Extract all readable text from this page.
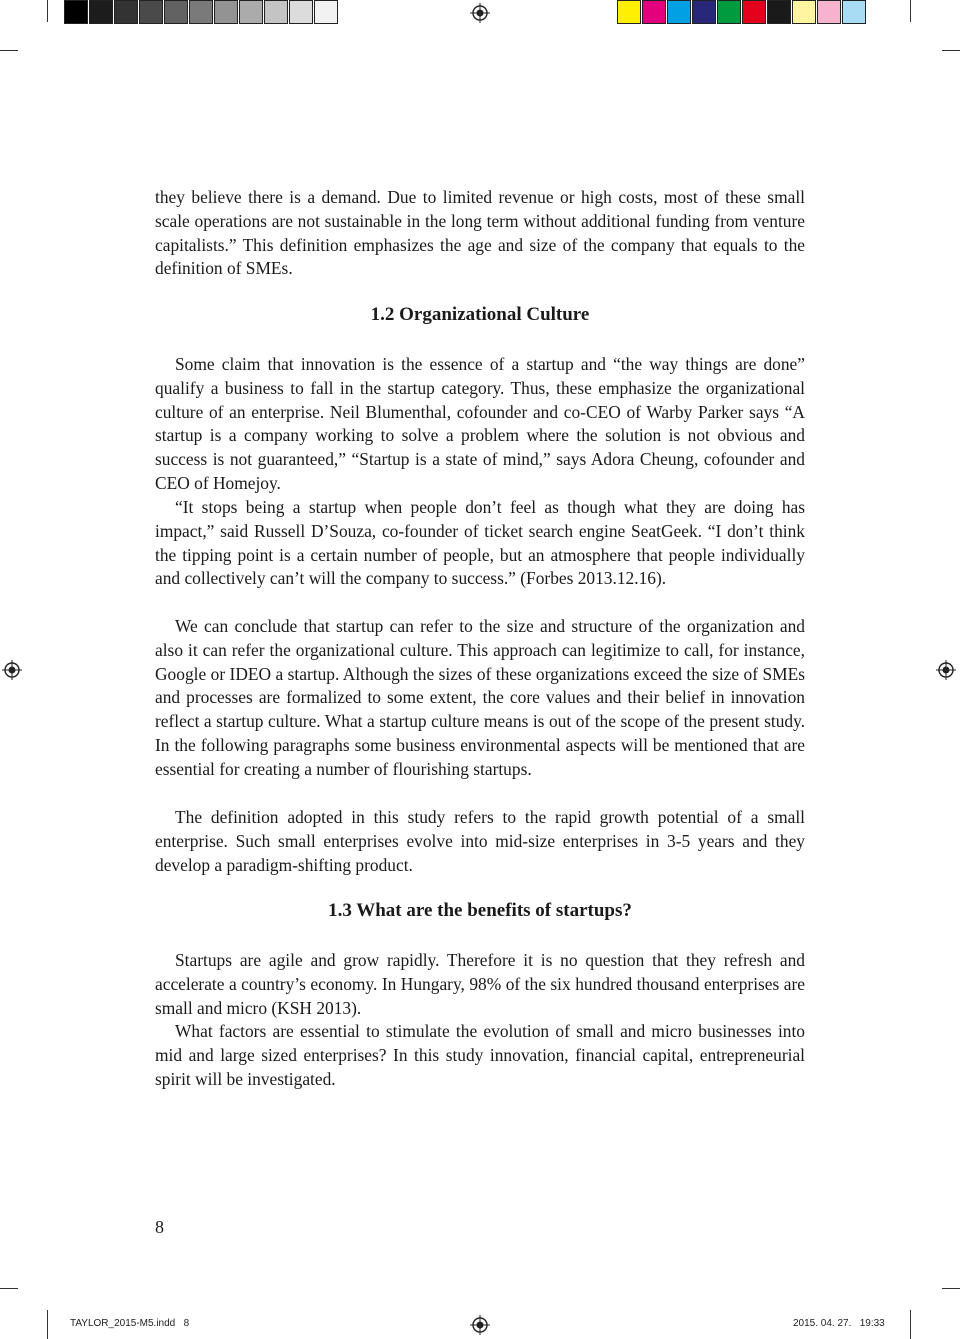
they believe there is a demand. Due to limited revenue or high costs, most of these small scale operations are not sustainable in the long term without additional funding from venture capitalists.” This definition emphasizes the age and size of the company that equals to the definition of SMEs.

1.2 Organizational Culture

Some claim that innovation is the essence of a startup and “the way things are done” qualify a business to fall in the startup category. Thus, these emphasize the organizational culture of an enterprise. Neil Blumenthal, cofounder and co-CEO of Warby Parker says “A startup is a company working to solve a problem where the solution is not obvious and success is not guaranteed,” “Startup is a state of mind,” says Adora Cheung, cofounder and CEO of Homejoy.

“It stops being a startup when people don’t feel as though what they are doing has impact,” said Russell D’Souza, co-founder of ticket search engine SeatGeek. “I don’t think the tipping point is a certain number of people, but an atmosphere that people individually and collectively can’t will the company to success.” (Forbes 2013.12.16).

We can conclude that startup can refer to the size and structure of the organization and also it can refer the organizational culture. This approach can legitimize to call, for instance, Google or IDEO a startup. Although the sizes of these organizations exceed the size of SMEs and processes are formalized to some extent, the core values and their belief in innovation reflect a startup culture. What a startup culture means is out of the scope of the present study. In the following paragraphs some business environmental aspects will be mentioned that are essential for creating a number of flourishing startups.

The definition adopted in this study refers to the rapid growth potential of a small enterprise. Such small enterprises evolve into mid-size enterprises in 3-5 years and they develop a paradigm-shifting product.

1.3 What are the benefits of startups?

Startups are agile and grow rapidly. Therefore it is no question that they refresh and accelerate a country’s economy. In Hungary, 98% of the six hundred thousand enterprises are small and micro (KSH 2013).

What factors are essential to stimulate the evolution of small and micro businesses into mid and large sized enterprises? In this study innovation, financial capital, entrepreneurial spirit will be investigated.

8
TAYLOR_2015-M5.indd   8	2015. 04. 27.   19:33
